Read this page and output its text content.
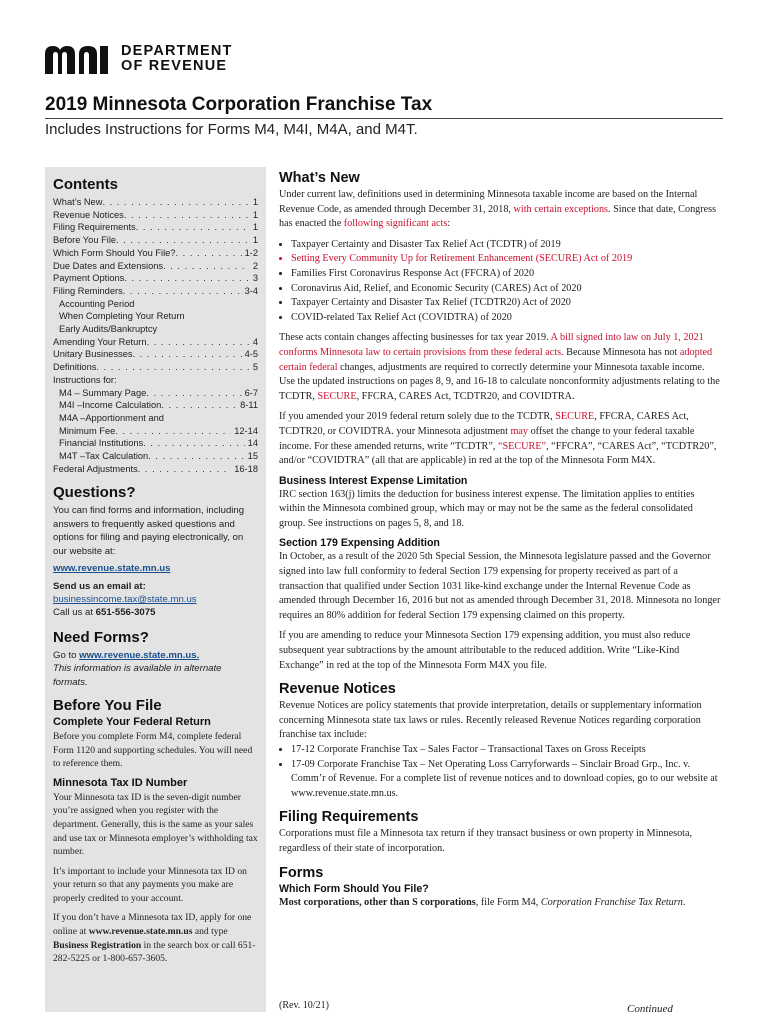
DEPARTMENT
OF REVENUE
2019 Minnesota Corporation Franchise Tax
Includes Instructions for Forms M4, M4I, M4A, and M4T.
Contents
What’s New . . .	1
Revenue Notices . . .	1
Filing Requirements . . .	1
Before You File . . .	1
Which Form Should You File? . . .	1-2
Due Dates and Extensions . . .	2
Payment Options . . .	3
Filing Reminders . . .	3-4
Accounting Period
When Completing Your Return
Early Audits/Bankruptcy
Amending Your Return . . .	4
Unitary Businesses . . .	4-5
Definitions . . .	5
Instructions for:
M4 – Summary Page . . .	6-7
M4I –Income Calculation . . .	8-11
M4A –Apportionment and
Minimum Fee . . .	12-14
Financial Institutions . . .	14
M4T –Tax Calculation . . .	15
Federal Adjustments . . .	16-18
Questions?

You can find forms and information, including answers to frequently asked questions and options for filing and paying electronically, on our website at:

www.revenue.state.mn.us

Send us an email at:
businessincome.tax@state.mn.us

Call us at 651-556-3075

Need Forms?

Go to www.revenue.state.mn.us.

This information is available in alternate formats.

Before You File
Complete Your Federal Return

Before you complete Form M4, complete federal Form 1120 and supporting schedules. You will need to reference them.

Minnesota Tax ID Number

Your Minnesota tax ID is the seven-digit number you’re assigned when you register with the department. Generally, this is the same as your sales and use tax or Minnesota employer’s withholding tax number.

It’s important to include your Minnesota tax ID on your return so that any payments you make are properly credited to your account.

If you don’t have a Minnesota tax ID, apply for one online at www.revenue.state.mn.us and type Business Registration in the search box or call 651-282-5225 or 1-800-657-3605.

What’s New

Under current law, definitions used in determining Minnesota taxable income are based on the Internal Revenue Code, as amended through December 31, 2018, with certain exceptions. Since that date, Congress has enacted the following significant acts:

• Taxpayer Certainty and Disaster Tax Relief Act (TCDTR) of 2019
• Setting Every Community Up for Retirement Enhancement (SECURE) Act of 2019
• Families First Coronavirus Response Act (FFCRA) of 2020
• Coronavirus Aid, Relief, and Economic Security (CARES) Act of 2020
• Taxpayer Certainty and Disaster Tax Relief (TCDTR20) Act of 2020
• COVID-related Tax Relief Act (COVIDTRA) of 2020

These acts contain changes affecting businesses for tax year 2019. A bill signed into law on July 1, 2021 conforms Minnesota law to certain provisions from these federal acts. Because Minnesota has not adopted certain federal changes, adjustments are required to correctly determine your Minnesota taxable income. Use the updated instructions on pages 8, 9, and 16-18 to calculate nonconformity adjustments relating to the TCDTR, SECURE, FFCRA, CARES Act, TCDTR20, and COVIDTRA.

If you amended your 2019 federal return solely due to the TCDTR, SECURE, FFCRA, CARES Act, TCDTR20, or COVIDTRA. your Minnesota adjustment may offset the change to your federal taxable income. For these amended returns, write “TCDTR”, “SECURE”, “FFCRA”, “CARES Act”, “TCDTR20”, and/or “COVIDTRA” (all that are applicable) in red at the top of the Minnesota Form M4X.

Business Interest Expense Limitation

IRC section 163(j) limits the deduction for business interest expense. The limitation applies to entities within the Minnesota combined group, which may or may not be the same as the federal consolidated group. See instructions on pages 5, 8, and 18.

Section 179 Expensing Addition

In October, as a result of the 2020 5th Special Session, the Minnesota legislature passed and the Governor signed into law full conformity to federal Section 179 expensing for property received as part of a transaction that qualified under Section 1031 like-kind exchange under the Internal Revenue Code as amended through December 16, 2016 but not as amended through December 31, 2018. Minnesota no longer requires an 80% addition for federal Section 179 expensing claimed on this property.

If you are amending to reduce your Minnesota Section 179 expensing addition, you must also reduce subsequent year subtractions by the amount attributable to the reduced addition. Write “Like-Kind Exchange” in red at the top of the Minnesota Form M4X you file.

Revenue Notices

Revenue Notices are policy statements that provide interpretation, details or supplementary information concerning Minnesota state tax laws or rules. Recently released Revenue Notices regarding corporation franchise tax include:

• 17-12 Corporate Franchise Tax – Sales Factor – Transactional Taxes on Gross Receipts
• 17-09 Corporate Franchise Tax – Net Operating Loss Carryforwards – Sinclair Broad Grp., Inc. v. Comm’r of Revenue. For a complete list of revenue notices and to download copies, go to our website at www.revenue.state.mn.us.
Filing Requirements

Corporations must file a Minnesota tax return if they transact business or own property in Minnesota, regardless of their state of incorporation.

Forms
Which Form Should You File?

Most corporations, other than S corporations, file Form M4, Corporation Franchise Tax Return.

(Rev. 10/21)	Continued
